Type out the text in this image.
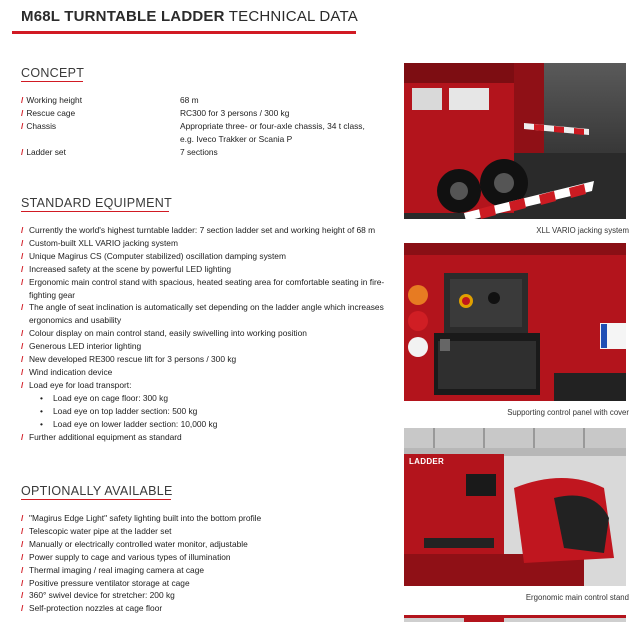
M68L TURNTABLE LADDER TECHNICAL DATA
CONCEPT
/ Working height	68 m
/ Rescue cage	RC300 for 3 persons / 300 kg
/ Chassis	Appropriate three- or four-axle chassis, 34 t class,
e.g. Iveco Trakker or Scania P
/ Ladder set	7 sections
STANDARD EQUIPMENT
/ Currently the world's highest turntable ladder: 7 section ladder set and working height of 68 m
/ Custom-built XLL VARIO jacking system
/ Unique Magirus CS (Computer stabilized) oscillation damping system
/ Increased safety at the scene by powerful LED lighting
/ Ergonomic main control stand with spacious, heated seating area for comfortable seating in fire-fighting gear
/ The angle of seat inclination is automatically set depending on the ladder angle which increases ergonomics and usability
/ Colour display on main control stand, easily swivelling into working position
/ Generous LED interior lighting
/ New developed RE300 rescue lift for 3 persons / 300 kg
/ Wind indication device
/ Load eye for load transport:
• Load eye on cage floor: 300 kg
• Load eye on top ladder section: 500 kg
• Load eye on lower ladder section: 10,000 kg
/ Further additional equipment as standard
OPTIONALLY AVAILABLE
/ "Magirus Edge Light" safety lighting built into the bottom profile
/ Telescopic water pipe at the ladder set
/ Manually or electrically controlled water monitor, adjustable
/ Power supply to cage and various types of illumination
/ Thermal imaging / real imaging camera at cage
/ Positive pressure ventilator storage at cage
/ 360° swivel device for stretcher: 200 kg
/ Self-protection nozzles at cage floor
XLL VARIO jacking system
Supporting control panel with cover
LADDER
Ergonomic main control stand
